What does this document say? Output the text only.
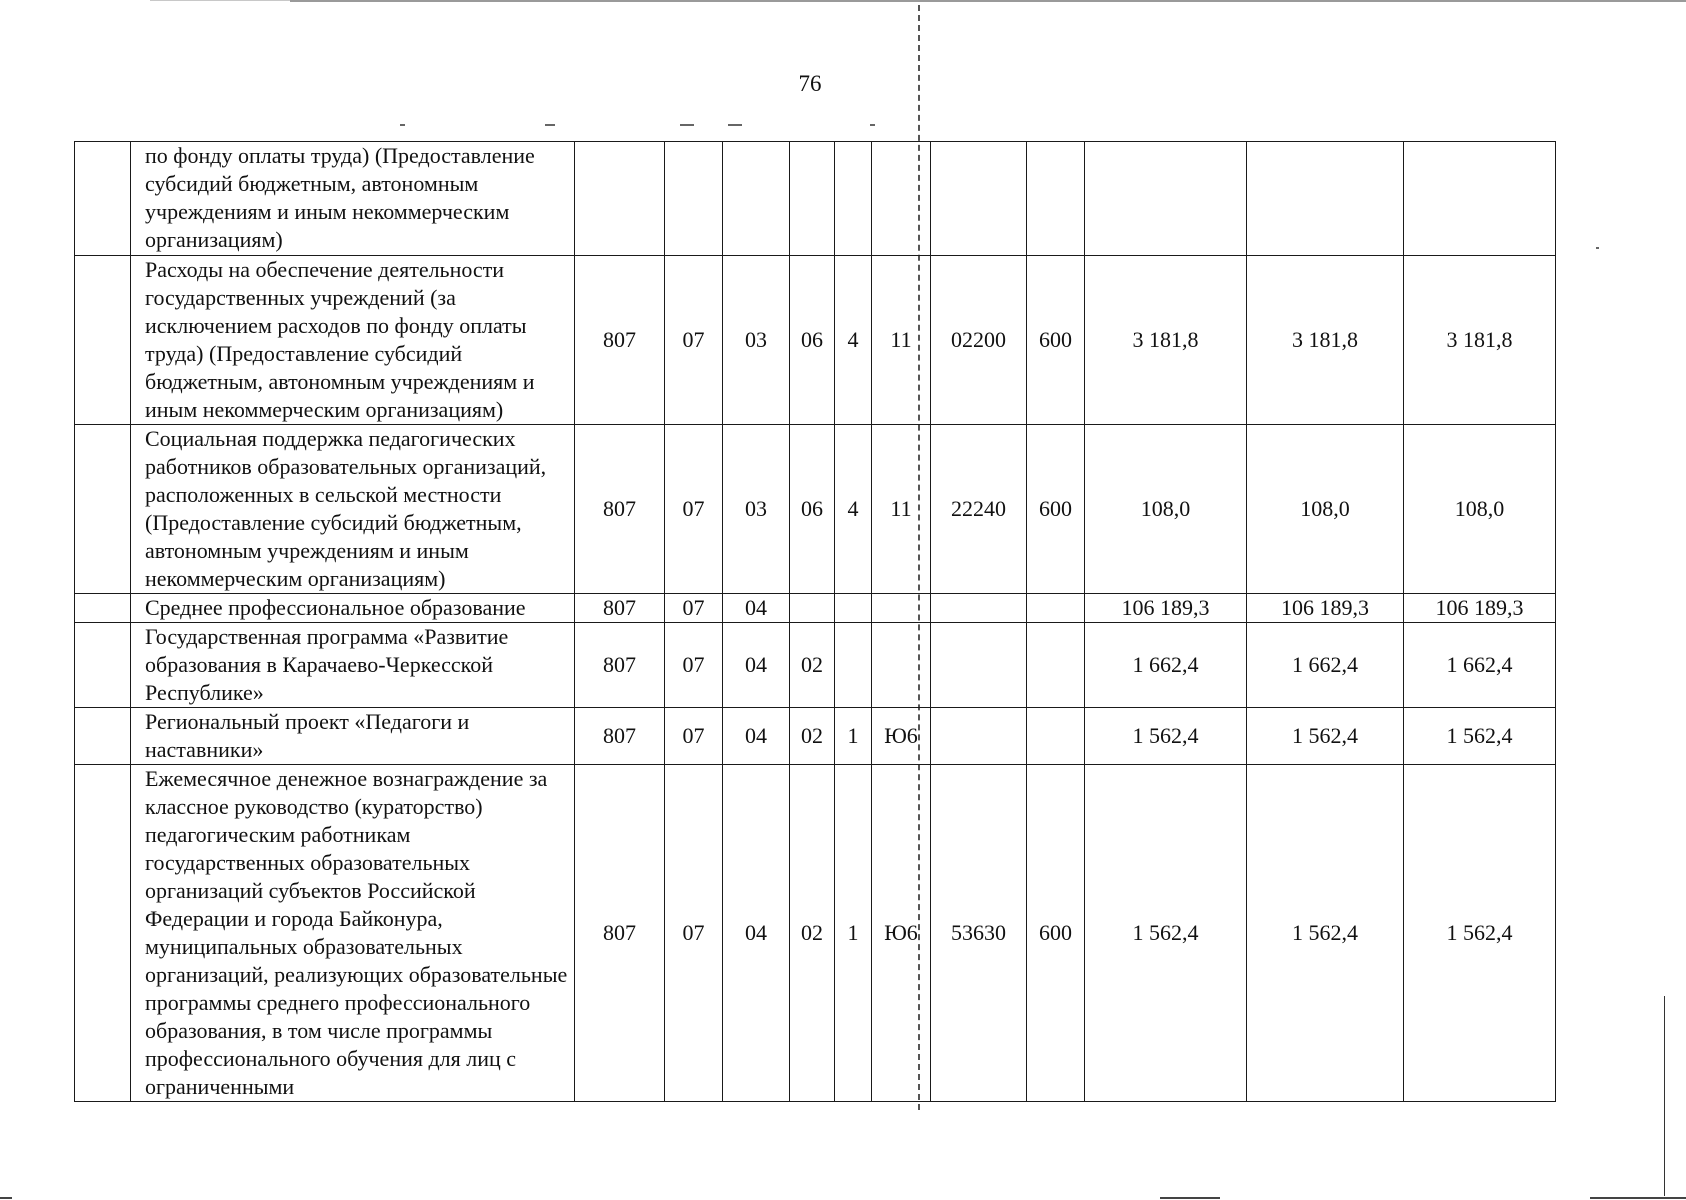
76
	по фонду оплаты труда) (Предоставление субсидий бюджетным, автономным учреждениям и иным некоммерческим организациям)											
	Расходы на обеспечение деятельности государственных учреждений (за исключением расходов по фонду оплаты труда) (Предоставление субсидий бюджетным, автономным учреждениям и иным некоммерческим организациям)	807	07	03	06	4	11	02200	600	3 181,8	3 181,8	3 181,8
	Социальная поддержка педагогических работников образовательных организаций, расположенных в сельской местности (Предоставление субсидий бюджетным, автономным учреждениям и иным некоммерческим организациям)	807	07	03	06	4	11	22240	600	108,0	108,0	108,0
	Среднее профессиональное образование	807	07	04						106 189,3	106 189,3	106 189,3
	Государственная программа «Развитие образования в Карачаево-Черкесской Республике»	807	07	04	02					1 662,4	1 662,4	1 662,4
	Региональный проект «Педагоги и наставники»	807	07	04	02	1	Ю6			1 562,4	1 562,4	1 562,4
	Ежемесячное денежное вознаграждение за классное руководство (кураторство) педагогическим работникам государственных образовательных организаций субъектов Российской Федерации и города Байконура, муниципальных образовательных организаций, реализующих образовательные программы среднего профессионального образования, в том числе программы профессионального обучения для лиц с ограниченными	807	07	04	02	1	Ю6	53630	600	1 562,4	1 562,4	1 562,4
